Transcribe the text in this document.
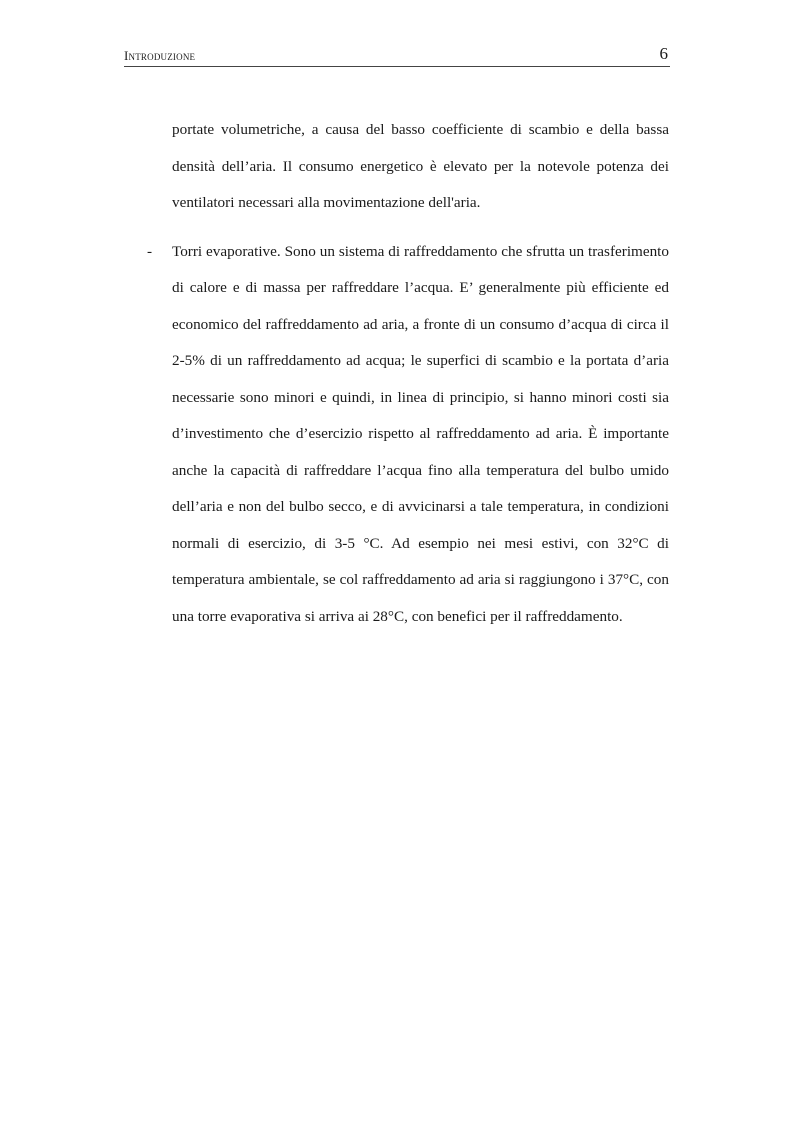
Introduzione	6

portate volumetriche, a causa del basso coefficiente di scambio e della bassa densità dell’aria. Il consumo energetico è elevato per la notevole potenza dei ventilatori necessari alla movimentazione dell'aria.

- Torri evaporative. Sono un sistema di raffreddamento che sfrutta un trasferimento di calore e di massa per raffreddare l’acqua. E’ generalmente più efficiente ed economico del raffreddamento ad aria, a fronte di un consumo d’acqua di circa il 2-5% di un raffreddamento ad acqua; le superfici di scambio e la portata d’aria necessarie sono minori e quindi, in linea di principio, si hanno minori costi sia d’investimento che d’esercizio rispetto al raffreddamento ad aria. È importante anche la capacità di raffreddare l’acqua fino alla temperatura del bulbo umido dell’aria e non del bulbo secco, e di avvicinarsi a tale temperatura, in condizioni normali di esercizio, di 3-5 °C. Ad esempio nei mesi estivi, con 32°C di temperatura ambientale, se col raffreddamento ad aria si raggiungono i 37°C, con una torre evaporativa si arriva ai 28°C, con benefici per il raffreddamento.
